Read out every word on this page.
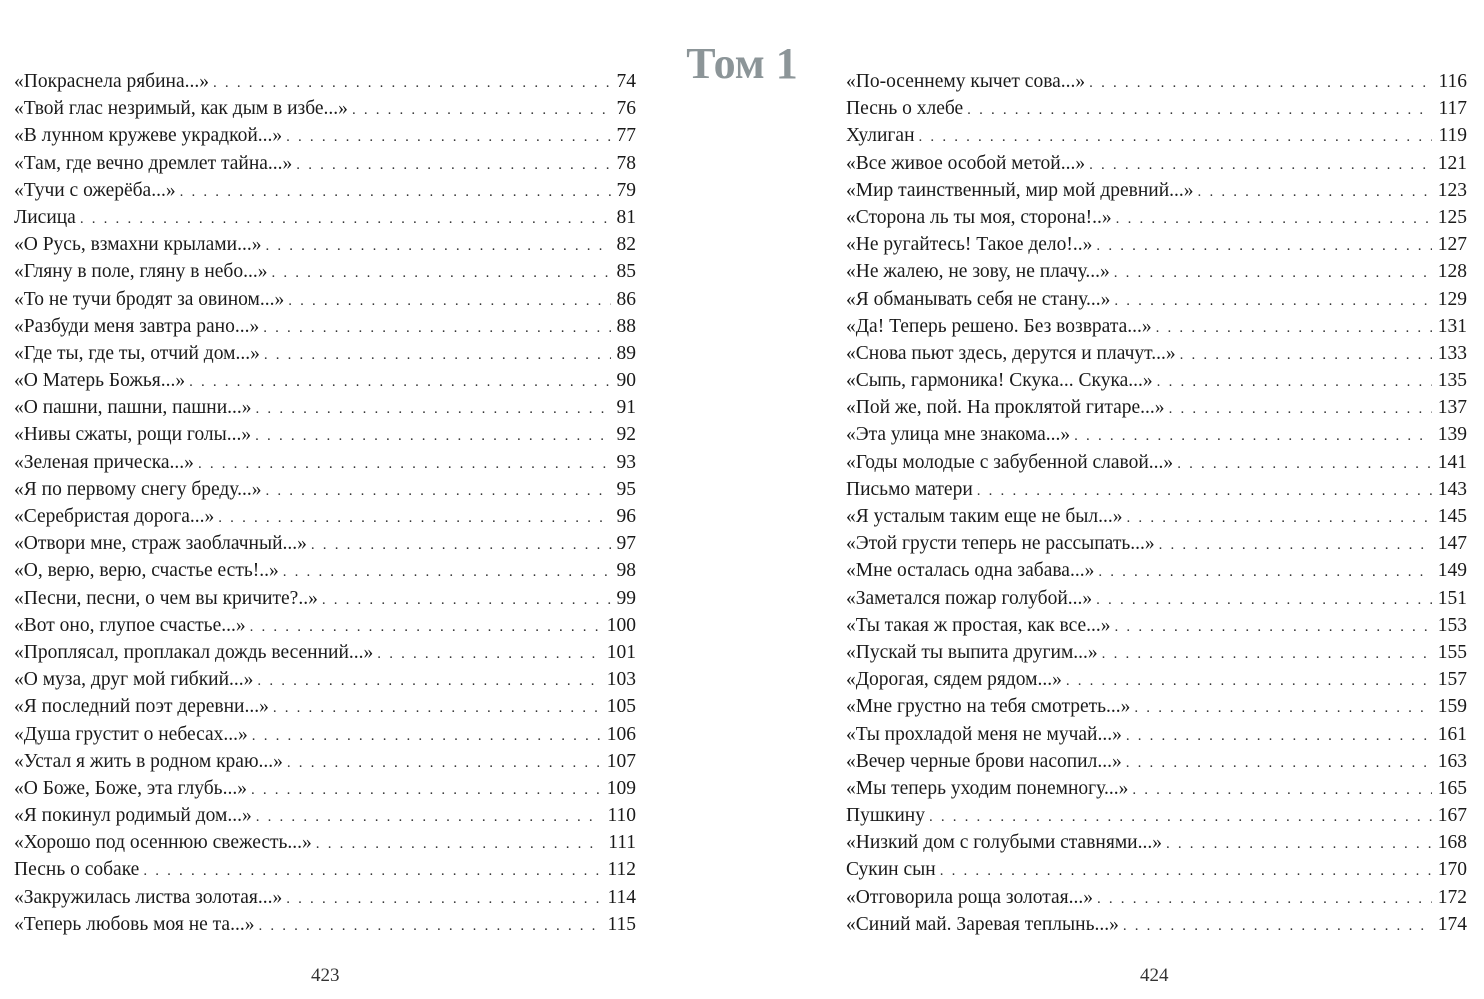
Том 1
«Покраснела рябина...» . . .	74
«Твой глас незримый, как дым в избе...» . . .	76
«В лунном кружеве украдкой...» . . .	77
«Там, где вечно дремлет тайна...» . . .	78
«Тучи с ожерёба...» . . .	79
Лисица . . .	81
«О Русь, взмахни крылами...» . . .	82
«Гляну в поле, гляну в небо...» . . .	85
«То не тучи бродят за овином...» . . .	86
«Разбуди меня завтра рано...» . . .	88
«Где ты, где ты, отчий дом...» . . .	89
«О Матерь Божья...» . . .	90
«О пашни, пашни, пашни...» . . .	91
«Нивы сжаты, рощи голы...» . . .	92
«Зеленая прическа...» . . .	93
«Я по первому снегу бреду...» . . .	95
«Серебристая дорога...» . . .	96
«Отвори мне, страж заоблачный...» . . .	97
«О, верю, верю, счастье есть!..» . . .	98
«Песни, песни, о чем вы кричите?..» . . .	99
«Вот оно, глупое счастье...» . . .	100
«Проплясал, проплакал дождь весенний...» . . .	101
«О муза, друг мой гибкий...» . . .	103
«Я последний поэт деревни...» . . .	105
«Душа грустит о небесах...» . . .	106
«Устал я жить в родном краю...» . . .	107
«О Боже, Боже, эта глубь...» . . .	109
«Я покинул родимый дом...» . . .	110
«Хорошо под осеннюю свежесть...» . . .	111
Песнь о собаке . . .	112
«Закружилась листва золотая...» . . .	114
«Теперь любовь моя не та...» . . .	115
«По-осеннему кычет сова...» . . .	116
Песнь о хлебе . . .	117
Хулиган . . .	119
«Все живое особой метой...» . . .	121
«Мир таинственный, мир мой древний...» . . .	123
«Сторона ль ты моя, сторона!..» . . .	125
«Не ругайтесь! Такое дело!..» . . .	127
«Не жалею, не зову, не плачу...» . . .	128
«Я обманывать себя не стану...» . . .	129
«Да! Теперь решено. Без возврата...» . . .	131
«Снова пьют здесь, дерутся и плачут...» . . .	133
«Сыпь, гармоника! Скука... Скука...» . . .	135
«Пой же, пой. На проклятой гитаре...» . . .	137
«Эта улица мне знакома...» . . .	139
«Годы молодые с забубенной славой...» . . .	141
Письмо матери . . .	143
«Я усталым таким еще не был...» . . .	145
«Этой грусти теперь не рассыпать...» . . .	147
«Мне осталась одна забава...» . . .	149
«Заметался пожар голубой...» . . .	151
«Ты такая ж простая, как все...» . . .	153
«Пускай ты выпита другим...» . . .	155
«Дорогая, сядем рядом...» . . .	157
«Мне грустно на тебя смотреть...» . . .	159
«Ты прохладой меня не мучай...» . . .	161
«Вечер черные брови насопил...» . . .	163
«Мы теперь уходим понемногу...» . . .	165
Пушкину . . .	167
«Низкий дом с голубыми ставнями...» . . .	168
Сукин сын . . .	170
«Отговорила роща золотая...» . . .	172
«Синий май. Заревая теплынь...» . . .	174
423	424
